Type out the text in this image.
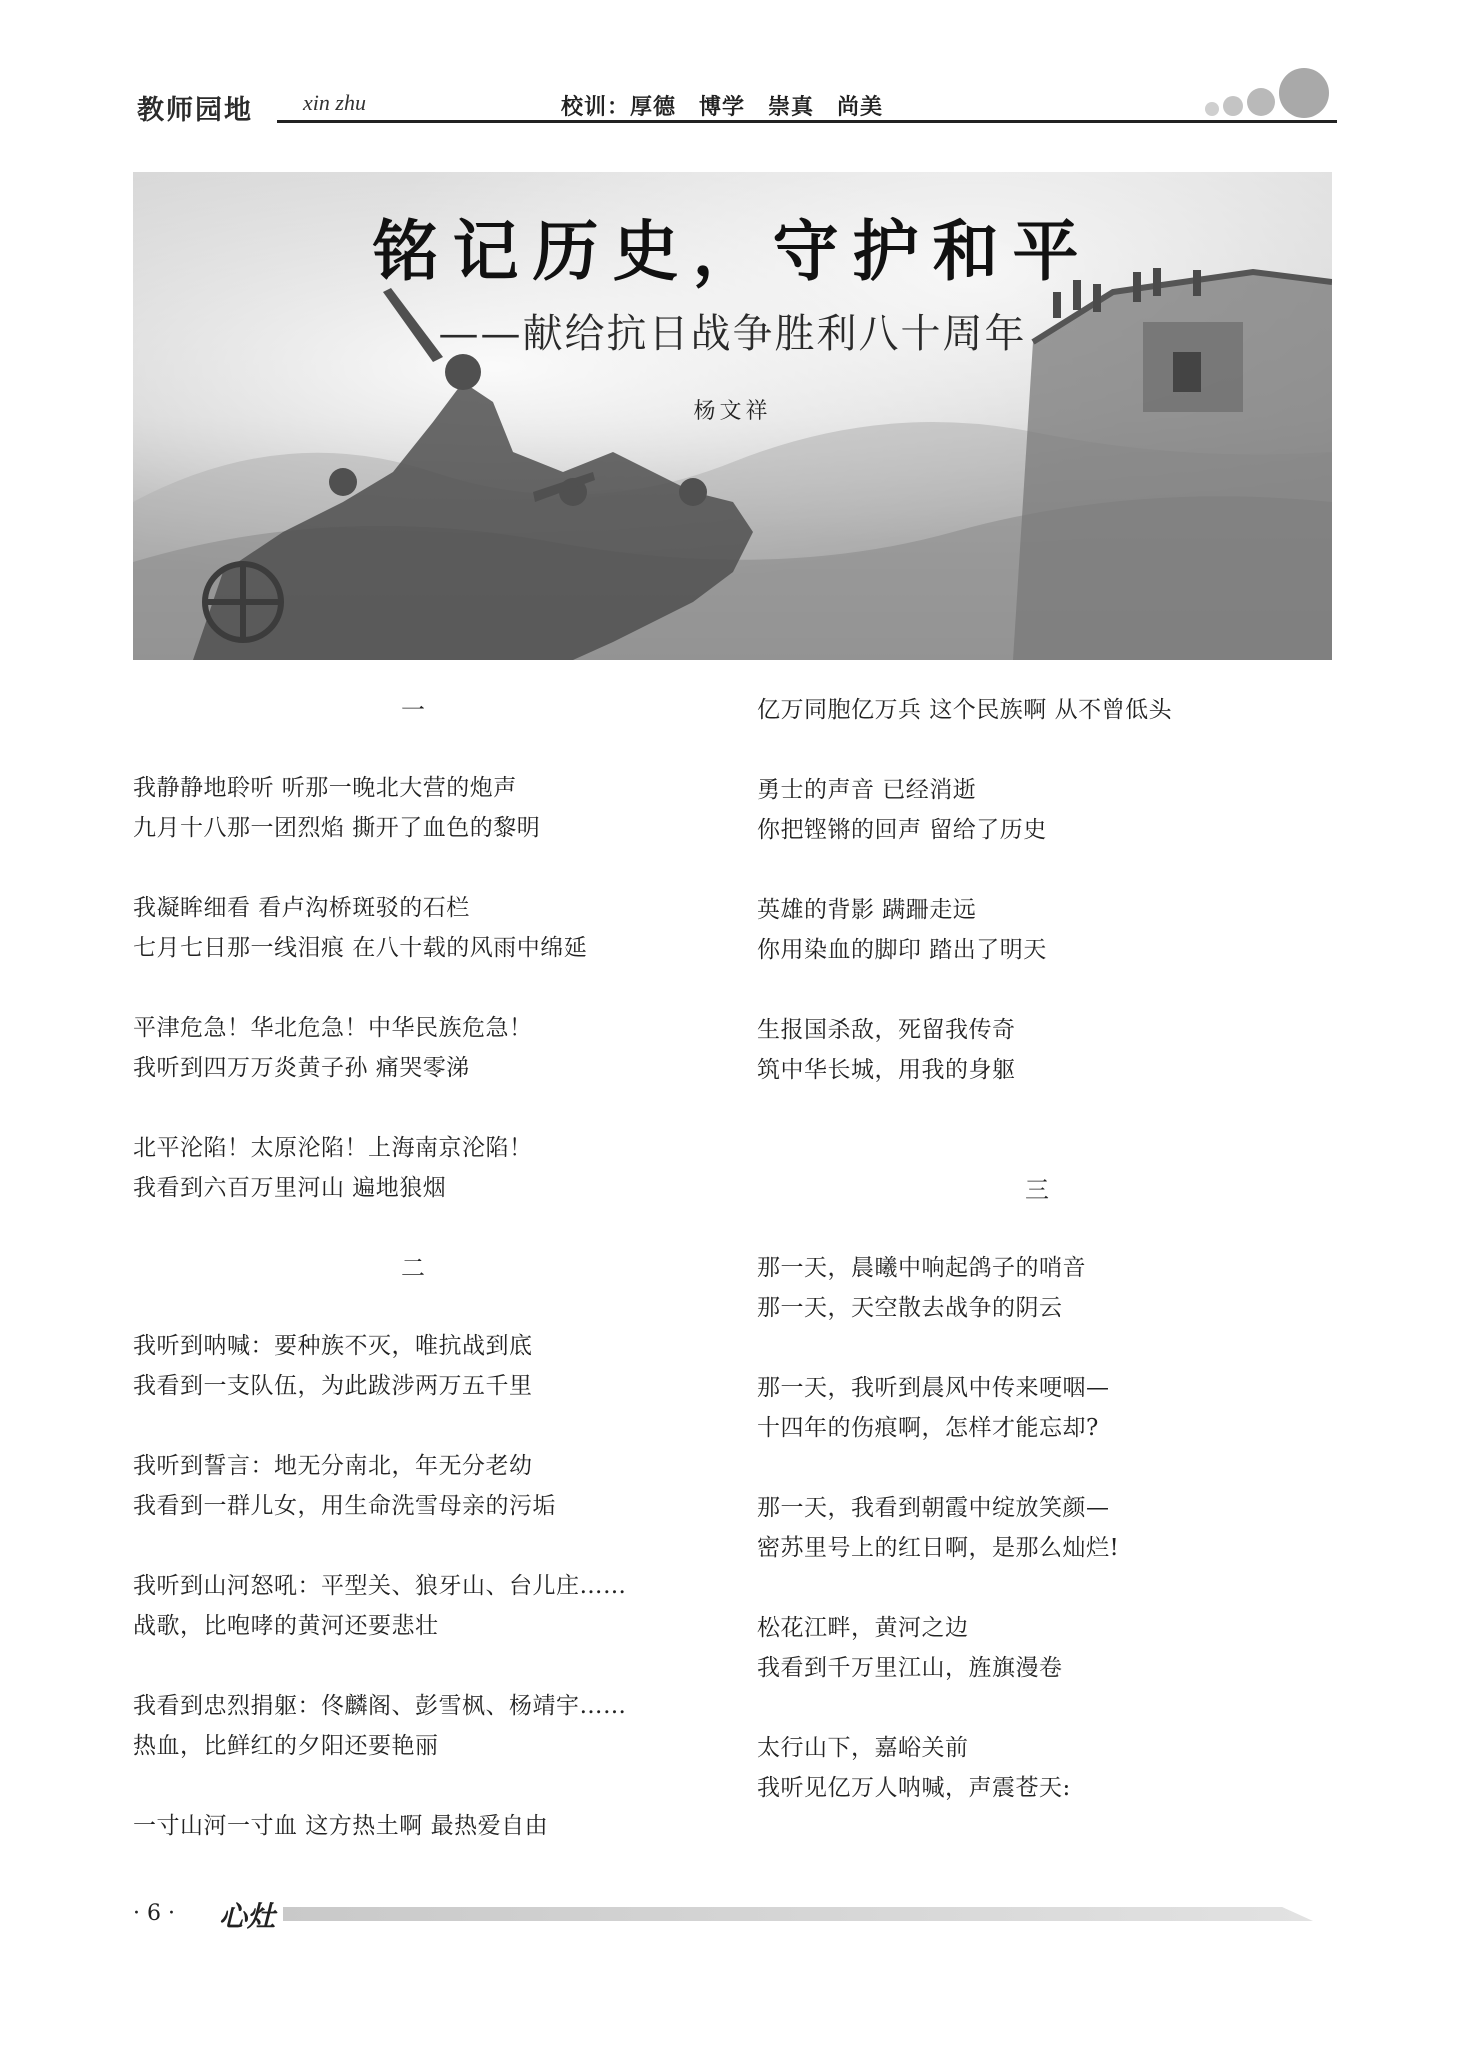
教师园地 xin zhu	校训：厚德　博学　崇真　尚美
铭记历史，守护和平
——献给抗日战争胜利八十周年
杨文祥
一
我静静地聆听 听那一晚北大营的炮声
九月十八那一团烈焰 撕开了血色的黎明
我凝眸细看 看卢沟桥斑驳的石栏
七月七日那一线泪痕 在八十载的风雨中绵延
平津危急！华北危急！中华民族危急！
我听到四万万炎黄子孙 痛哭零涕
北平沦陷！太原沦陷！上海南京沦陷！
我看到六百万里河山 遍地狼烟
二
我听到呐喊：要种族不灭，唯抗战到底
我看到一支队伍，为此跋涉两万五千里
我听到誓言：地无分南北，年无分老幼
我看到一群儿女，用生命洗雪母亲的污垢
我听到山河怒吼：平型关、狼牙山、台儿庄……
战歌，比咆哮的黄河还要悲壮
我看到忠烈捐躯：佟麟阁、彭雪枫、杨靖宇……
热血，比鲜红的夕阳还要艳丽
一寸山河一寸血 这方热土啊 最热爱自由
亿万同胞亿万兵 这个民族啊 从不曾低头
勇士的声音 已经消逝
你把铿锵的回声 留给了历史
英雄的背影 蹒跚走远
你用染血的脚印 踏出了明天
生报国杀敌，死留我传奇
筑中华长城，用我的身躯
三
那一天，晨曦中响起鸽子的哨音
那一天，天空散去战争的阴云
那一天，我听到晨风中传来哽咽—
十四年的伤痕啊，怎样才能忘却?
那一天，我看到朝霞中绽放笑颜—
密苏里号上的红日啊，是那么灿烂!
松花江畔，黄河之边
我看到千万里江山，旌旗漫卷
太行山下，嘉峪关前
我听见亿万人呐喊，声震苍天:
· 6 · 心灶
